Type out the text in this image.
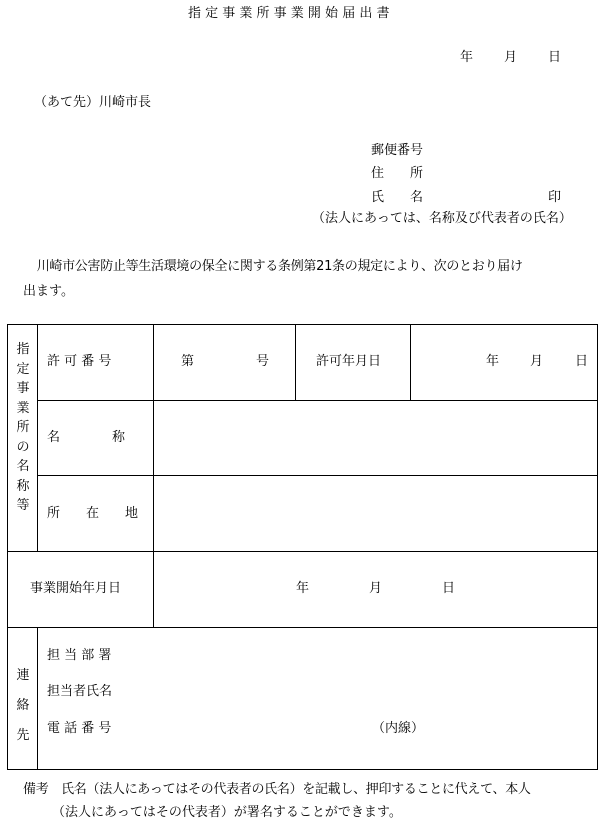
指 定 事 業 所 事 業 開 始 届 出 書
年 月 日
（あて先）川崎市長
郵便番号
住　　所
氏　　名	印
（法人にあっては、名称及び代表者の氏名）
　川崎市公害防止等生活環境の保全に関する条例第21条の規定により、次のとおり届け
出ます。
指定事業所の名称等
許 可 番 号	第	号	許可年月日	年 月 日
名　　　　称
所　　在　　地
事業開始年月日	年	月	日
連絡先
担 当 部 署
担当者氏名
電 話 番 号	（内線）
備考　氏名（法人にあってはその代表者の氏名）を記載し、押印することに代えて、本人
（法人にあってはその代表者）が署名することができます。
